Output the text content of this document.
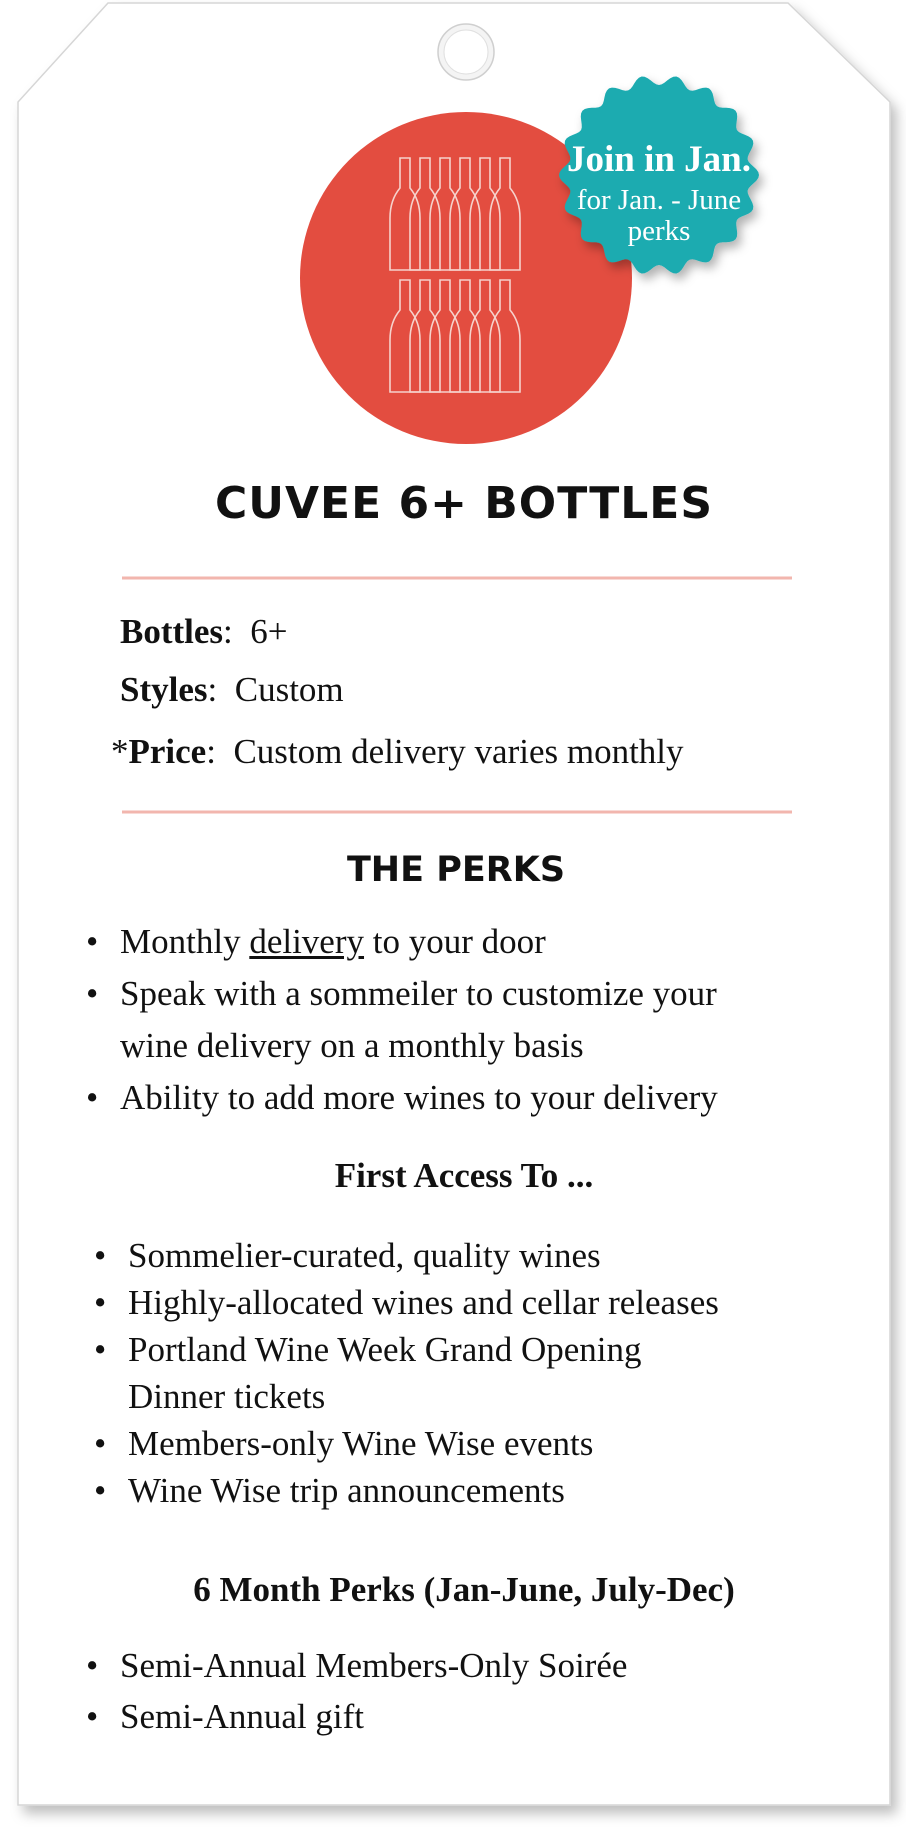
Join in Jan.
for Jan. - June
perks
CUVEE 6+ BOTTLES
Bottles:  6+
Styles:  Custom
*Price:  Custom delivery varies monthly
THE PERKS
• Monthly delivery to your door
• Speak with a sommeiler to customize your
wine delivery on a monthly basis
• Ability to add more wines to your delivery
First Access To ...
• Sommelier-curated, quality wines
• Highly-allocated wines and cellar releases
• Portland Wine Week Grand Opening
Dinner tickets
• Members-only Wine Wise events
• Wine Wise trip announcements
6 Month Perks (Jan-June, July-Dec)
• Semi-Annual Members-Only Soirée
• Semi-Annual gift
